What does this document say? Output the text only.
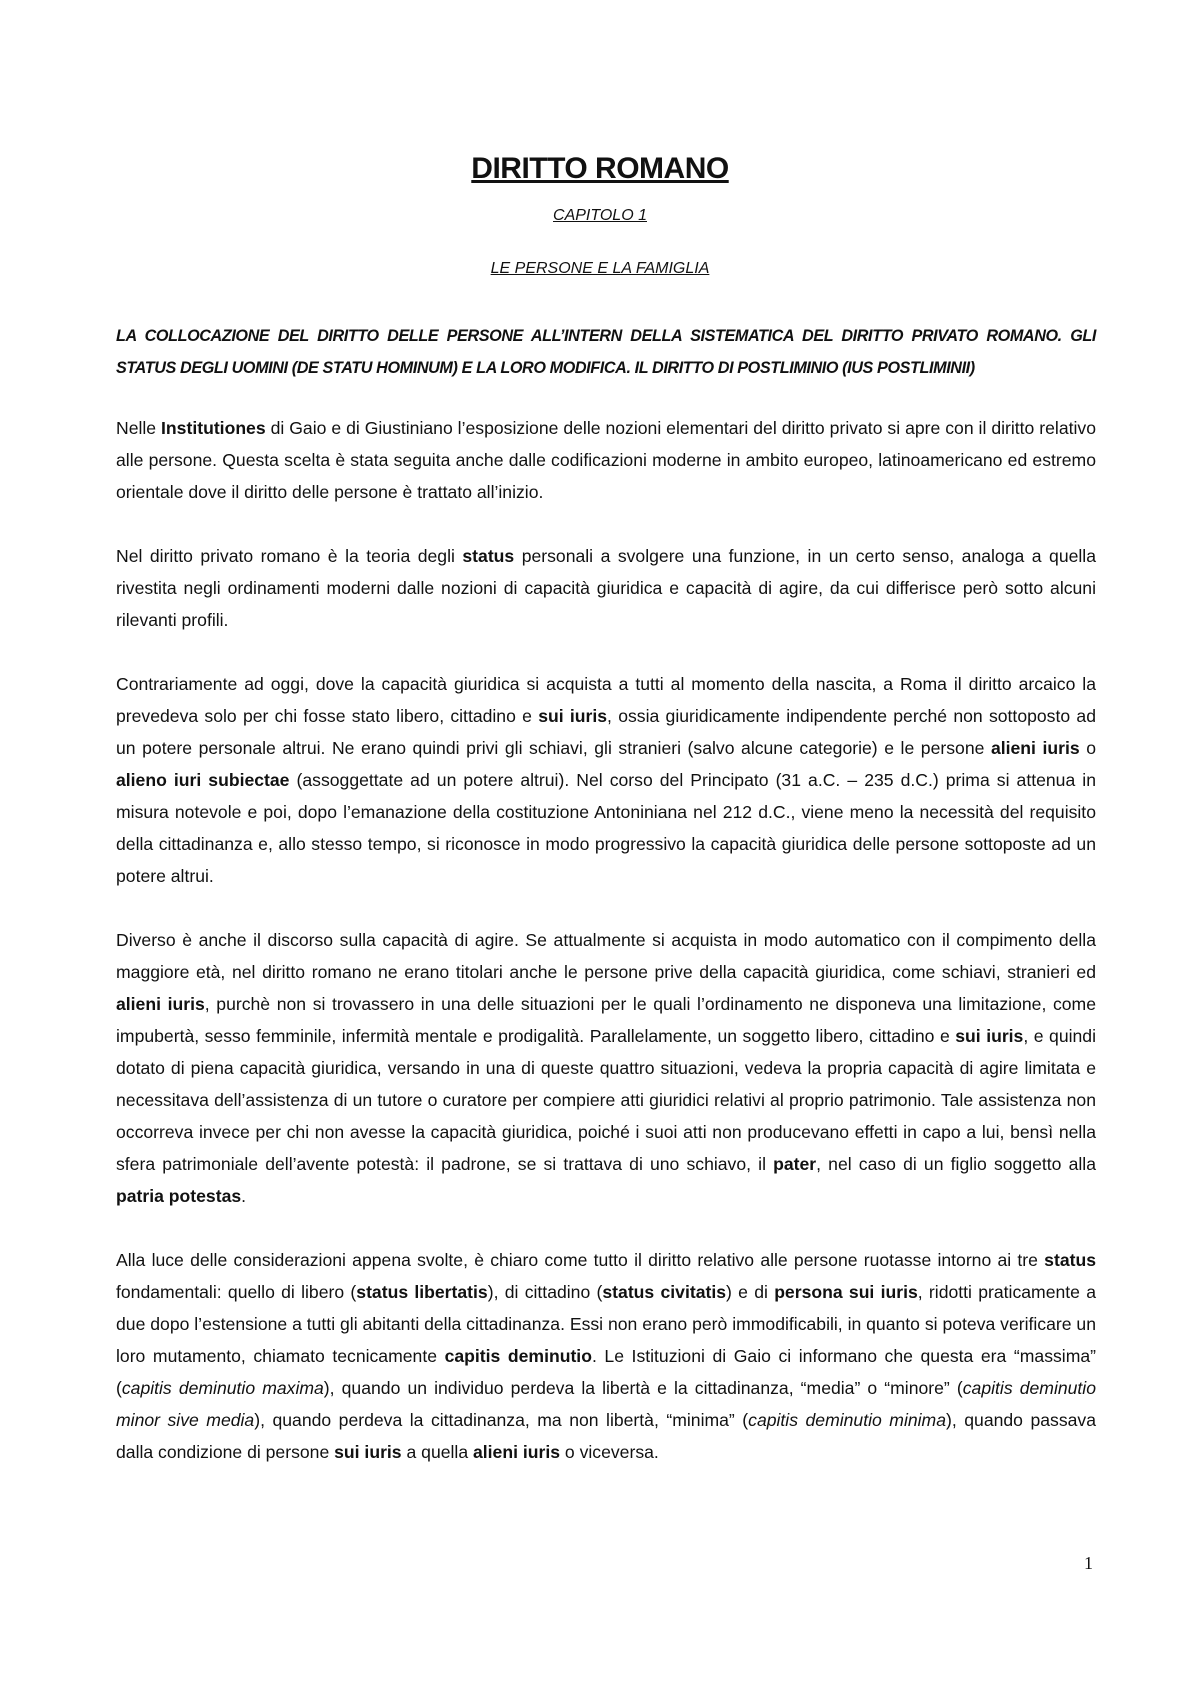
DIRITTO ROMANO
CAPITOLO 1
LE PERSONE E LA FAMIGLIA
LA COLLOCAZIONE DEL DIRITTO DELLE PERSONE ALL’INTERN DELLA SISTEMATICA DEL DIRITTO PRIVATO ROMANO. GLI STATUS DEGLI UOMINI (DE STATU HOMINUM) E LA LORO MODIFICA. IL DIRITTO DI POSTLIMINIO (IUS POSTLIMINII)

Nelle Institutiones di Gaio e di Giustiniano l’esposizione delle nozioni elementari del diritto privato si apre con il diritto relativo alle persone. Questa scelta è stata seguita anche dalle codificazioni moderne in ambito europeo, latinoamericano ed estremo orientale dove il diritto delle persone è trattato all’inizio.

Nel diritto privato romano è la teoria degli status personali a svolgere una funzione, in un certo senso, analoga a quella rivestita negli ordinamenti moderni dalle nozioni di capacità giuridica e capacità di agire, da cui differisce però sotto alcuni rilevanti profili.

Contrariamente ad oggi, dove la capacità giuridica si acquista a tutti al momento della nascita, a Roma il diritto arcaico la prevedeva solo per chi fosse stato libero, cittadino e sui iuris, ossia giuridicamente indipendente perché non sottoposto ad un potere personale altrui. Ne erano quindi privi gli schiavi, gli stranieri (salvo alcune categorie) e le persone alieni iuris o alieno iuri subiectae (assoggettate ad un potere altrui). Nel corso del Principato (31 a.C. – 235 d.C.) prima si attenua in misura notevole e poi, dopo l’emanazione della costituzione Antoniniana nel 212 d.C., viene meno la necessità del requisito della cittadinanza e, allo stesso tempo, si riconosce in modo progressivo la capacità giuridica delle persone sottoposte ad un potere altrui.

Diverso è anche il discorso sulla capacità di agire. Se attualmente si acquista in modo automatico con il compimento della maggiore età, nel diritto romano ne erano titolari anche le persone prive della capacità giuridica, come schiavi, stranieri ed alieni iuris, purchè non si trovassero in una delle situazioni per le quali l’ordinamento ne disponeva una limitazione, come impubertà, sesso femminile, infermità mentale e prodigalità. Parallelamente, un soggetto libero, cittadino e sui iuris, e quindi dotato di piena capacità giuridica, versando in una di queste quattro situazioni, vedeva la propria capacità di agire limitata e necessitava dell’assistenza di un tutore o curatore per compiere atti giuridici relativi al proprio patrimonio. Tale assistenza non occorreva invece per chi non avesse la capacità giuridica, poiché i suoi atti non producevano effetti in capo a lui, bensì nella sfera patrimoniale dell’avente potestà: il padrone, se si trattava di uno schiavo, il pater, nel caso di un figlio soggetto alla patria potestas.

Alla luce delle considerazioni appena svolte, è chiaro come tutto il diritto relativo alle persone ruotasse intorno ai tre status fondamentali: quello di libero (status libertatis), di cittadino (status civitatis) e di persona sui iuris, ridotti praticamente a due dopo l’estensione a tutti gli abitanti della cittadinanza. Essi non erano però immodificabili, in quanto si poteva verificare un loro mutamento, chiamato tecnicamente capitis deminutio. Le Istituzioni di Gaio ci informano che questa era “massima” (capitis deminutio maxima), quando un individuo perdeva la libertà e la cittadinanza, “media” o “minore” (capitis deminutio minor sive media), quando perdeva la cittadinanza, ma non libertà, “minima” (capitis deminutio minima), quando passava dalla condizione di persone sui iuris a quella alieni iuris o viceversa.

1
